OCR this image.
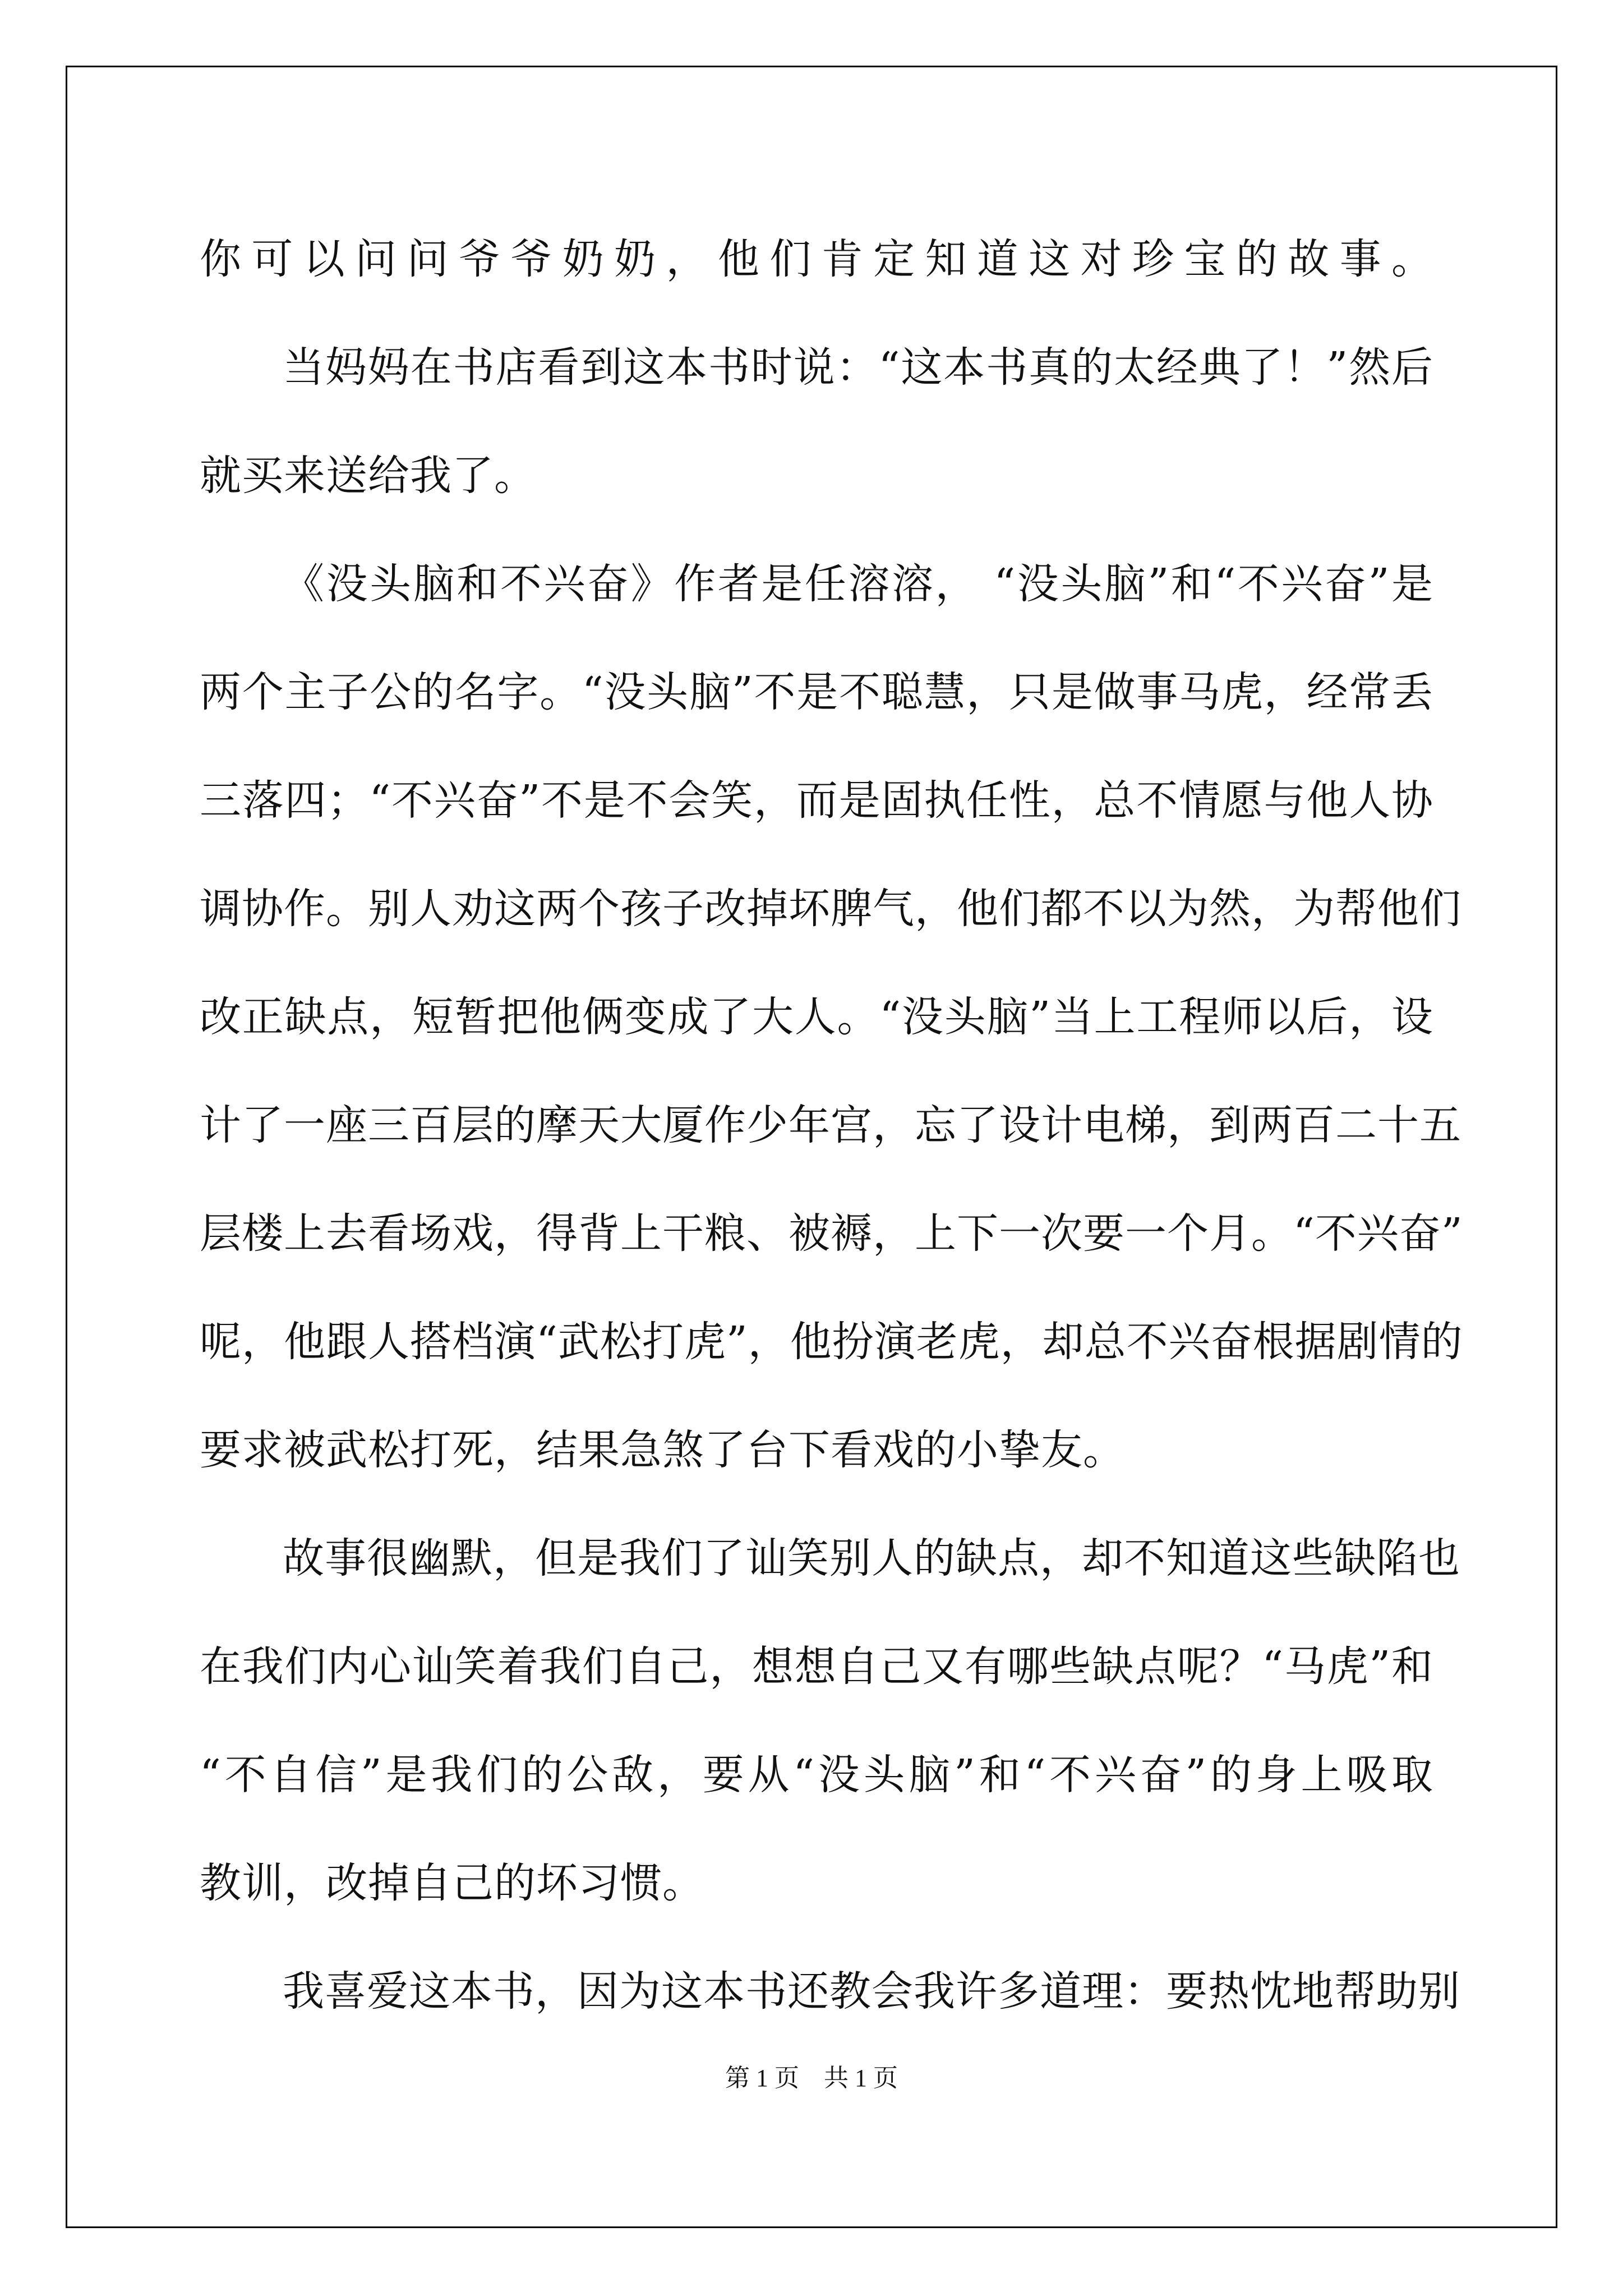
你可以问问爷爷奶奶，他们肯定知道这对珍宝的故事。
当妈妈在书店看到这本书时说：“这本书真的太经典了！”然后
就买来送给我了。
《没头脑和不兴奋》作者是任溶溶， “没头脑”和“不兴奋”是
两个主子公的名字。“没头脑”不是不聪慧，只是做事马虎，经常丢
三落四；“不兴奋”不是不会笑，而是固执任性，总不情愿与他人协
调协作。别人劝这两个孩子改掉坏脾气，他们都不以为然，为帮他们
改正缺点，短暂把他俩变成了大人。“没头脑”当上工程师以后，设
计了一座三百层的摩天大厦作少年宫，忘了设计电梯，到两百二十五
层楼上去看场戏，得背上干粮、被褥，上下一次要一个月。“不兴奋”
呢，他跟人搭档演“武松打虎”，他扮演老虎，却总不兴奋根据剧情的
要求被武松打死，结果急煞了台下看戏的小挚友。
故事很幽默，但是我们了讪笑别人的缺点，却不知道这些缺陷也
在我们内心讪笑着我们自己，想想自己又有哪些缺点呢？“马虎”和
“不自信”是我们的公敌，要从“没头脑”和“不兴奋”的身上吸取
教训，改掉自己的坏习惯。
我喜爱这本书，因为这本书还教会我许多道理：要热忱地帮助别
第 1 页    共 1 页
